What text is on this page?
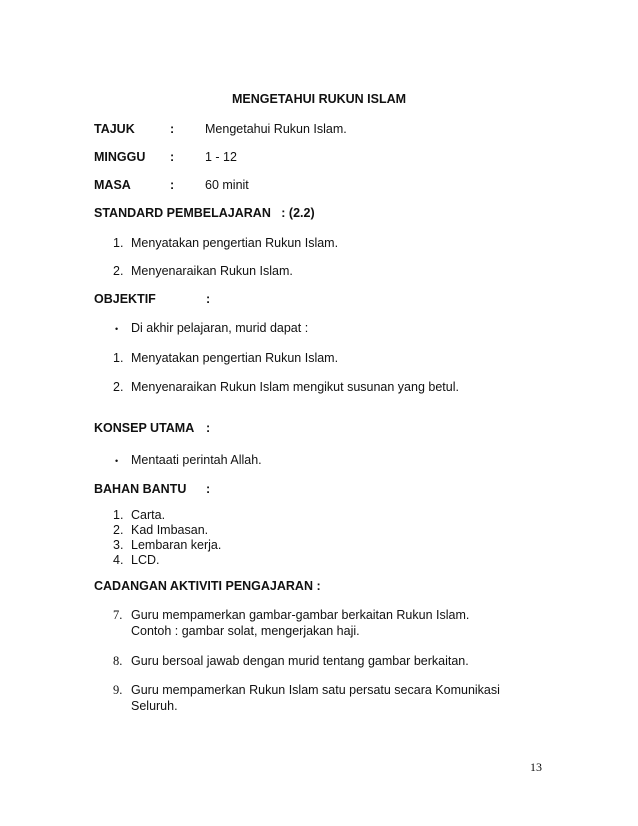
MENGETAHUI RUKUN ISLAM
TAJUK	: Mengetahui Rukun Islam.
MINGGU : 1 - 12
MASA	: 60 minit
STANDARD PEMBELAJARAN   : (2.2)
1. Menyatakan pengertian Rukun Islam.
2. Menyenaraikan Rukun Islam.
OBJEKTIF	:
• Di akhir pelajaran, murid dapat :
1. Menyatakan pengertian Rukun Islam.
2. Menyenaraikan Rukun Islam mengikut susunan yang betul.
KONSEP UTAMA :
• Mentaati perintah Allah.
BAHAN BANTU :
1. Carta.
2. Kad Imbasan.
3. Lembaran kerja.
4. LCD.
CADANGAN AKTIVITI PENGAJARAN :
7. Guru mempamerkan gambar-gambar berkaitan Rukun Islam.
Contoh : gambar solat, mengerjakan haji.
8. Guru bersoal jawab dengan murid tentang gambar berkaitan.
9. Guru mempamerkan Rukun Islam satu persatu secara Komunikasi
Seluruh.
13
